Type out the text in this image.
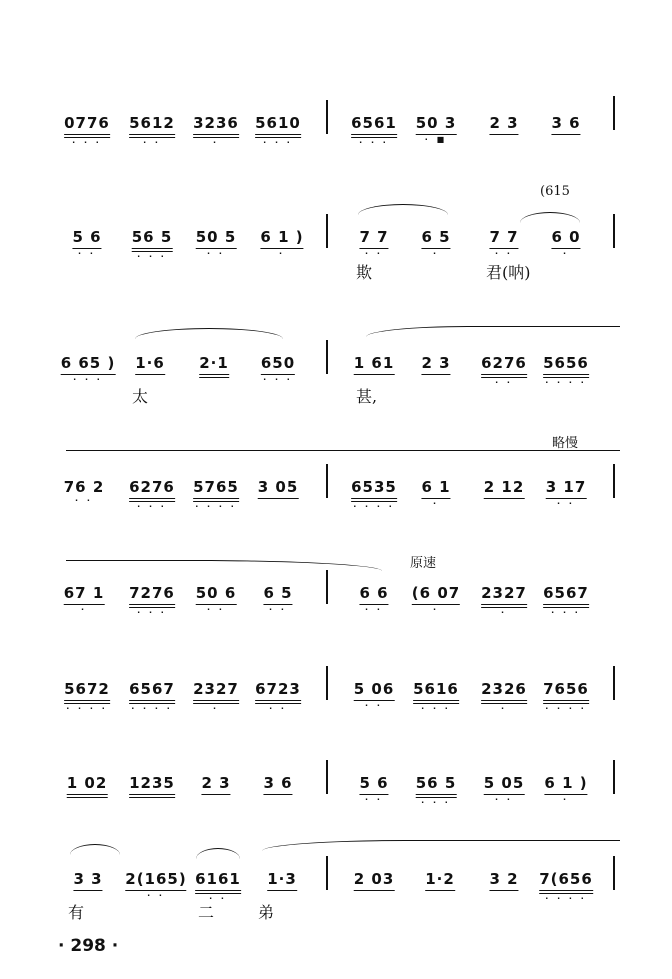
0776
· · ·
5612
· ·
3236
·
5610
· · ·
6561
· · ·
50 3
· ■
2 3 3 6
(615
5 6
· ·
56 5
· · ·
50 5
· ·
6 1 )
·
7 7
· ·
6 5
·
7 7
· ·
6 0
·
欺	君(呐)
6 65 )
· · ·
1·6 2·1 650
· · ·
1 61 2 3 6276
· ·
5656
· · · ·
太	甚,
略慢
76 2
· ·
6276
· · ·
5765
· · · ·
3 05	6535
· · · ·
6 1
·
2 12 3 17
· ·
原速
67 1
·
7276
· · ·
50 6
· ·
6 5
· ·
6 6
· ·
(6 07
·
2327
·
6567
· · ·
5672
· · · ·
6567
· · · ·
2327
·
6723
· ·
5 06
· ·
5616
· · ·
2326
·
7656
· · · ·
1 02 1235 2 3 3 6	5 6
· ·
56 5
· · ·
5 05
· ·
6 1 )
·
3 3 2(165)
· ·
6161
· ·
1·3	2 03 1·2 3 2 7(656
· · · ·
有	二	弟
· 298 ·
